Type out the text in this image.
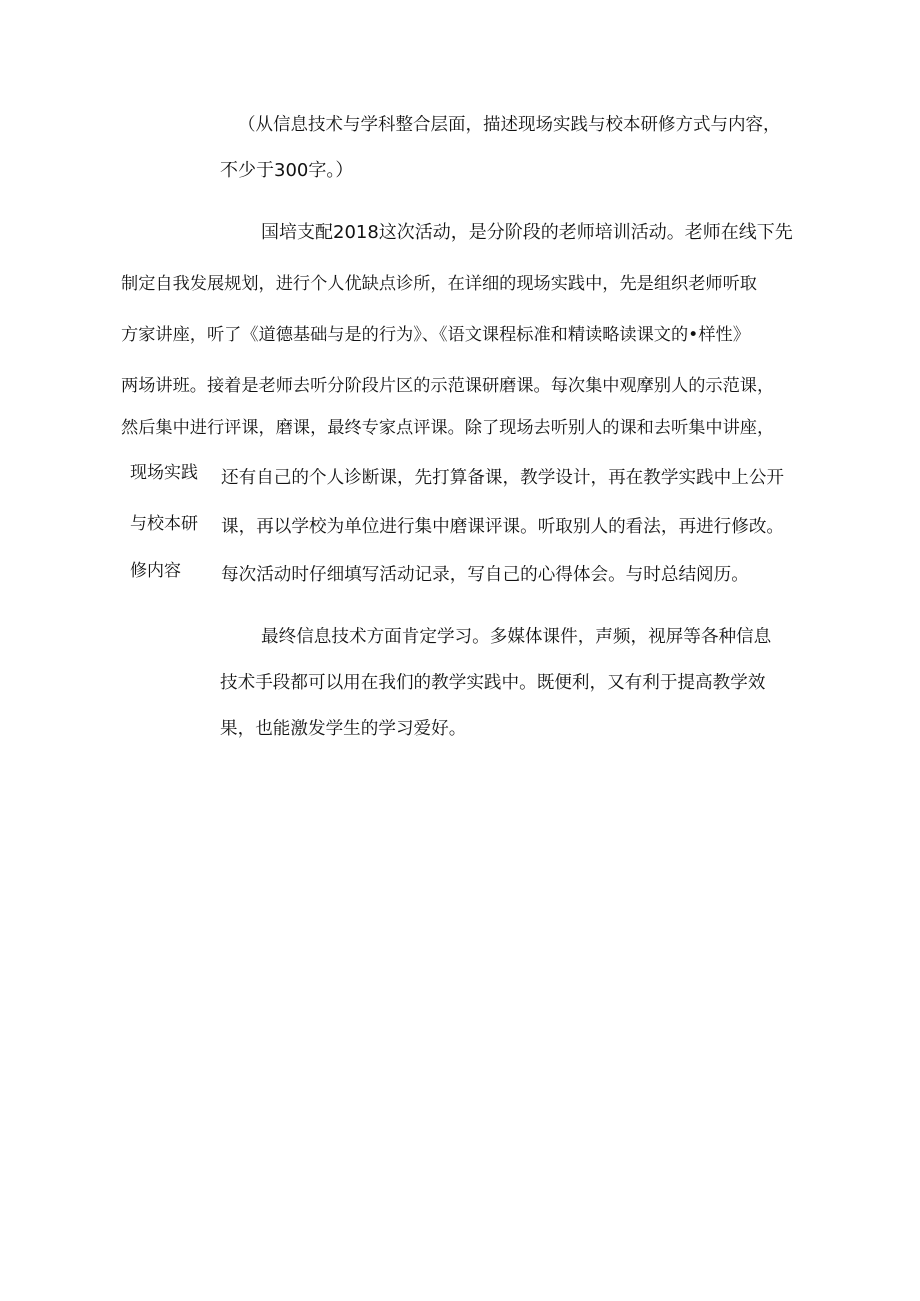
（从信息技术与学科整合层面，描述现场实践与校本研修方式与内容，
不少于300字。）
国培支配2018这次活动，是分阶段的老师培训活动。老师在线下先
制定自我发展规划，进行个人优缺点诊所，在详细的现场实践中，先是组织老师听取
方家讲座，听了《道德基础与是的行为》、《语文课程标准和精读略读课文的•样性》
两场讲班。接着是老师去听分阶段片区的示范课研磨课。每次集中观摩别人的示范课，
然后集中进行评课，磨课，最终专家点评课。除了现场去听别人的课和去听集中讲座，
现场实践
与校本研
修内容
还有自己的个人诊断课，先打算备课，教学设计，再在教学实践中上公开
课，再以学校为单位进行集中磨课评课。听取别人的看法，再进行修改。
每次活动时仔细填写活动记录，写自己的心得体会。与时总结阅历。
最终信息技术方面肯定学习。多媒体课件，声频，视屏等各种信息
技术手段都可以用在我们的教学实践中。既便利，又有利于提高教学效
果，也能激发学生的学习爱好。
